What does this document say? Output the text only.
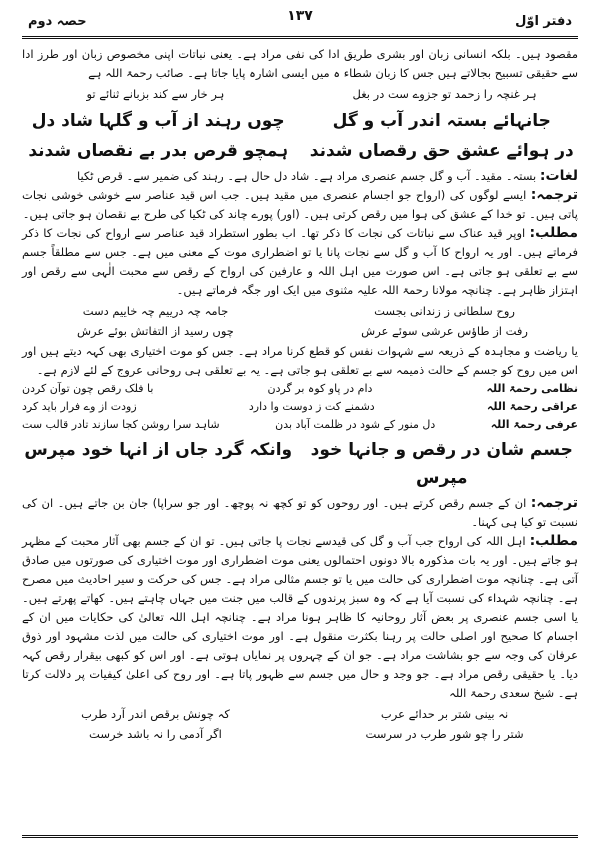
دفتر اوّل
۱۳۷
حصہ دوم

مقصود ہیں۔ بلکہ انسانی زبان اور بشری طریق ادا کی نفی مراد ہے۔ یعنی نباتات اپنی مخصوص زبان اور طرز ادا سے حقیقی تسبیح بجالاتے ہیں جس کا زبان شطاء ہ میں ایسی اشارہ پایا جاتا ہے۔ صائب رحمۃ اللہ ہے

ہر غنچہ را زحمد تو جزوے ست در بغل
ہر خار سے کند بزبانے ثنائے تو
جانہائے بستہ اندر آب و گل
چوں رہند از آب و گلہا شاد دل
در ہوائے عشق حق رقصاں شدند
ہمچو قرص بدر بے نقصاں شدند

لغات: بستہ۔ مقید۔ آب و گل جسم عنصری مراد ہے۔ شاد دل حال ہے۔ رہند کی ضمیر سے۔ قرص ٹکیا

ترجمہ: ایسے لوگوں کی (ارواح جو اجسام عنصری میں مقید ہیں۔ جب اس قید عناصر سے خوشی خوشی نجات پاتی ہیں۔ تو خدا کے عشق کی ہوا میں رقص کرتی ہیں۔ (اور) پورے چاند کی ٹکیا کی طرح بے نقصان ہو جاتی ہیں۔

مطلب: اوپر قید عناک سے نباتات کی نجات کا ذکر تھا۔ اب بطور استطراد قید عناصر سے ارواح کی نجات کا ذکر فرماتے ہیں۔ اور یہ ارواح کا آب و گل سے نجات پانا یا تو اضطراری موت کے معنی میں ہے۔ جس سے مطلقاً جسم سے بے تعلقی ہو جاتی ہے۔ اس صورت میں اہل اللہ و عارفین کی ارواح کے رقص سے محبت الٰہی سے رقص اور اہتزاز ظاہر ہے۔ چنانچہ مولانا رحمۃ اللہ علیہ مثنوی میں ایک اور جگہ فرماتے ہیں۔

روح سلطانی ز زندانی بجست
جامہ چہ درییم چہ خاییم دست
رفت از طاؤس عرشی سوئے عرش
چوں رسید از التفاتش بوئے عرش

یا ریاضت و مجاہدہ کے ذریعہ سے شہوات نفس کو قطع کرنا مراد ہے۔ جس کو موت اختیاری بھی کہہ دیتے ہیں اور اس میں روح کو جسم کے حالت ذمیمہ سے بے تعلقی ہو جاتی ہے۔ یہ بے تعلقی ہی روحانی عروج کے لئے لازم ہے۔

نظامی رحمۃ اللہ
دام در پاو کوہ بر گردن
با فلک رقص چون توآن کردن
عراقی رحمۃ اللہ
دشمنے کت ز دوست وا دارد
زودت از وے فرار باید کرد
عرفی رحمۃ اللہ
دل منور کے شود در ظلمت آباد بدن
شاہد سرا روشن کجا سازند تادر قالب ست
جسم شان در رقص و جانہا خود مپرس
وانکہ گرد جاں از انہا خود مپرس

ترجمہ: ان کے جسم رقص کرتے ہیں۔ اور روحوں کو تو کچھ نہ پوچھ۔ اور جو سراپا) جان بن جاتے ہیں۔ ان کی نسبت تو کیا ہی کہنا۔

مطلب: اہل اللہ کی ارواح جب آب و گل کی قیدسے نجات پا جاتی ہیں۔ تو ان کے جسم بھی آثار محبت کے مظہر ہو جاتے ہیں۔ اور یہ بات مذکورہ بالا دونوں احتمالوں یعنی موت اضطراری اور موت اختیاری کی صورتوں میں صادق آتی ہے۔ چنانچہ موت اضطراری کی حالت میں یا تو جسم مثالی مراد ہے۔ جس کی حرکت و سیر احادیث میں مصرح ہے۔ چنانچہ شہداء کی نسبت آیا ہے کہ وہ سبز پرندوں کے قالب میں جنت میں جہاں چاہتے ہیں۔ کھاتے پھرتے ہیں۔ یا اسی جسم عنصری پر بعض آثار روحانیہ کا ظاہر ہونا مراد ہے۔ چنانچہ اہل اللہ تعالیٰ کی حکایات میں ان کے اجسام کا صحیح اور اصلی حالت پر رہنا بکثرت منقول ہے۔ اور موت اختیاری کی حالت میں لذت مشہود اور ذوق عرفان کی وجہ سے جو بشاشت مراد ہے۔ جو ان کے چہروں پر نمایاں ہوتی ہے۔ اور اس کو کبھی بیقرار رقص کہہ دیا۔ یا حقیقی رقص مراد ہے۔ جو وجد و حال میں جسم سے ظہور پاتا ہے۔ اور روح کی اعلیٰ کیفیات پر دلالت کرتا ہے۔ شیخ سعدی رحمۃ اللہ

نہ بینی شتر بر حدائے عرب
کہ چونش برقص اندر آرد طرب
شتر را چو شور طرب در سرست
اگر آدمی را نہ باشد خرست
